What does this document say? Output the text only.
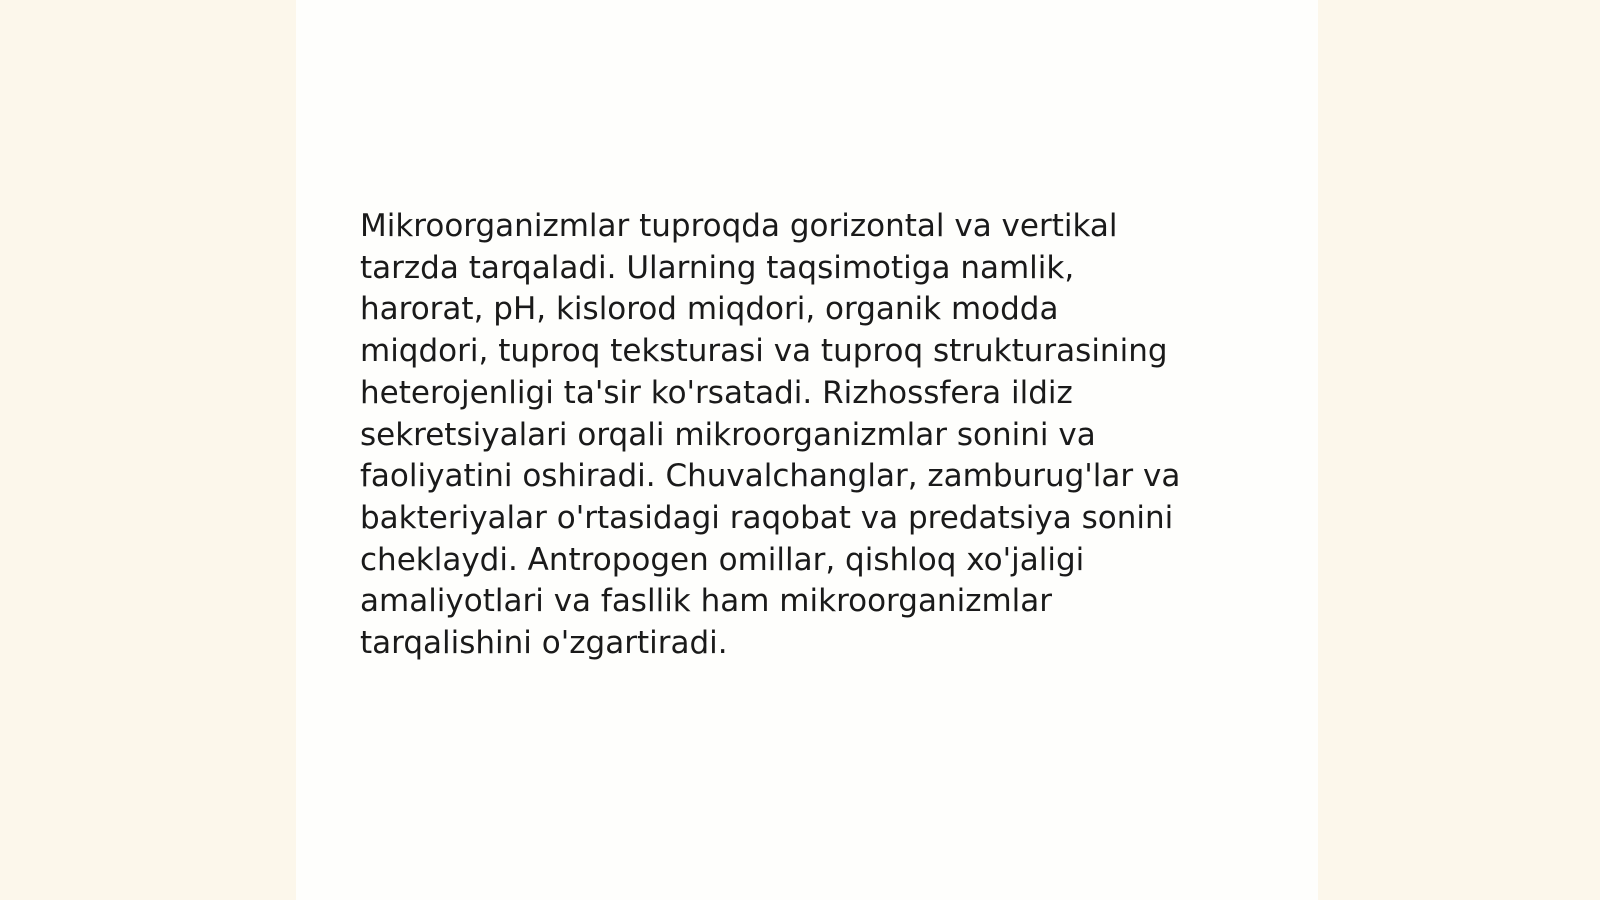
Mikroorganizmlar tuproqda gorizontal va vertikal
tarzda tarqaladi. Ularning taqsimotiga namlik,
harorat, pH, kislorod miqdori, organik modda
miqdori, tuproq teksturasi va tuproq strukturasining
heterojenligi ta'sir ko'rsatadi. Rizhossfera ildiz
sekretsiyalari orqali mikroorganizmlar sonini va
faoliyatini oshiradi. Chuvalchanglar, zamburug'lar va
bakteriyalar o'rtasidagi raqobat va predatsiya sonini
cheklaydi. Antropogen omillar, qishloq xo'jaligi
amaliyotlari va fasllik ham mikroorganizmlar
tarqalishini o'zgartiradi.
